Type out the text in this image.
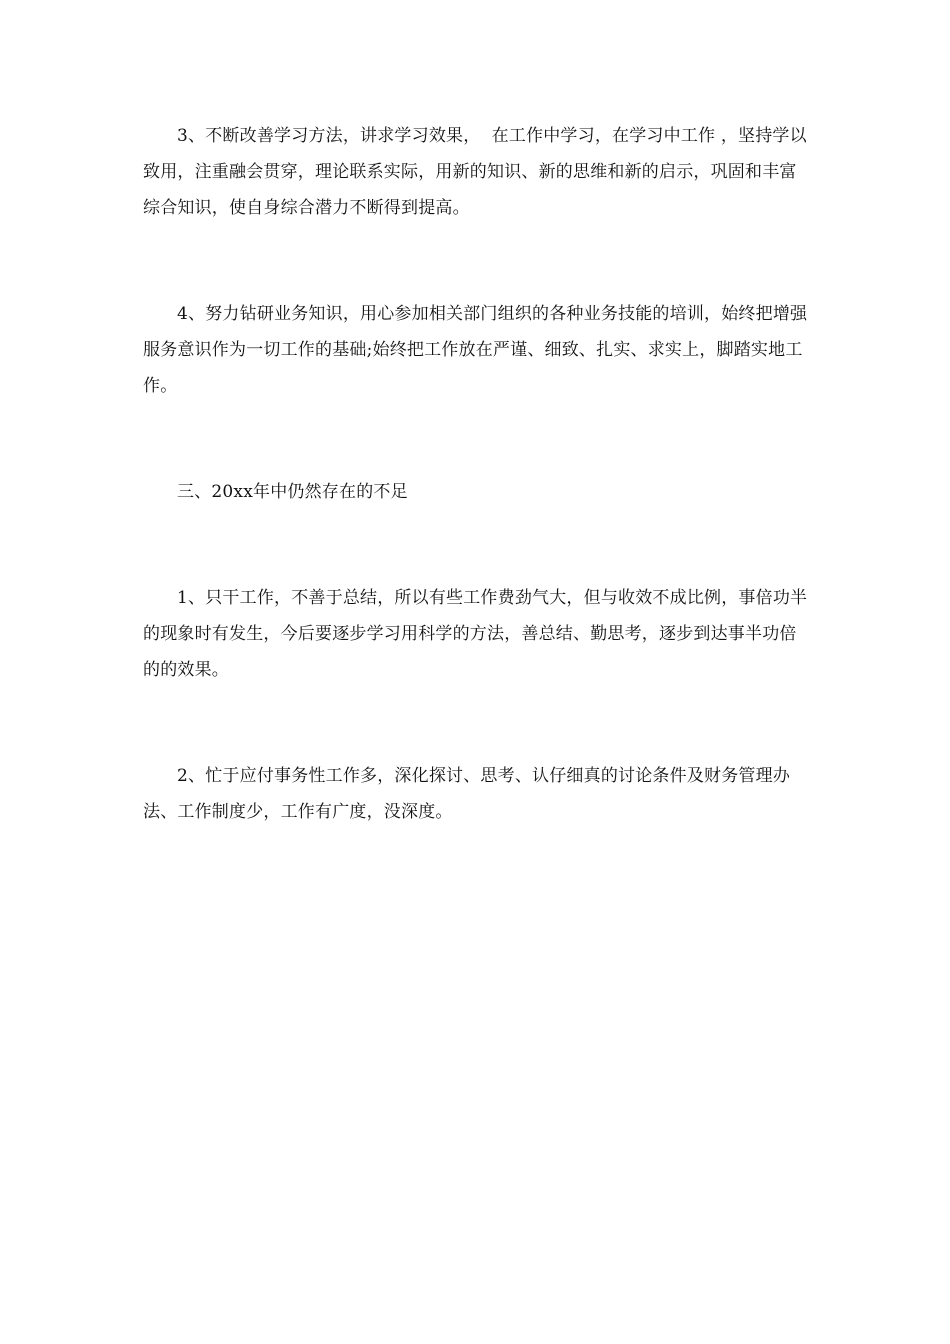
3、不断改善学习方法，讲求学习效果，  在工作中学习，在学习中工作 ，坚持学以致用，注重融会贯穿，理论联系实际，用新的知识、新的思维和新的启示，巩固和丰富综合知识，使自身综合潜力不断得到提高。

4、努力钻研业务知识，用心参加相关部门组织的各种业务技能的培训，始终把增强服务意识作为一切工作的基础;始终把工作放在严谨、细致、扎实、求实上，脚踏实地工作。

三、20xx年中仍然存在的不足

1、只干工作，不善于总结，所以有些工作费劲气大，但与收效不成比例，事倍功半的现象时有发生，今后要逐步学习用科学的方法，善总结、勤思考，逐步到达事半功倍的的效果。

2、忙于应付事务性工作多，深化探讨、思考、认仔细真的讨论条件及财务管理办法、工作制度少，工作有广度，没深度。
